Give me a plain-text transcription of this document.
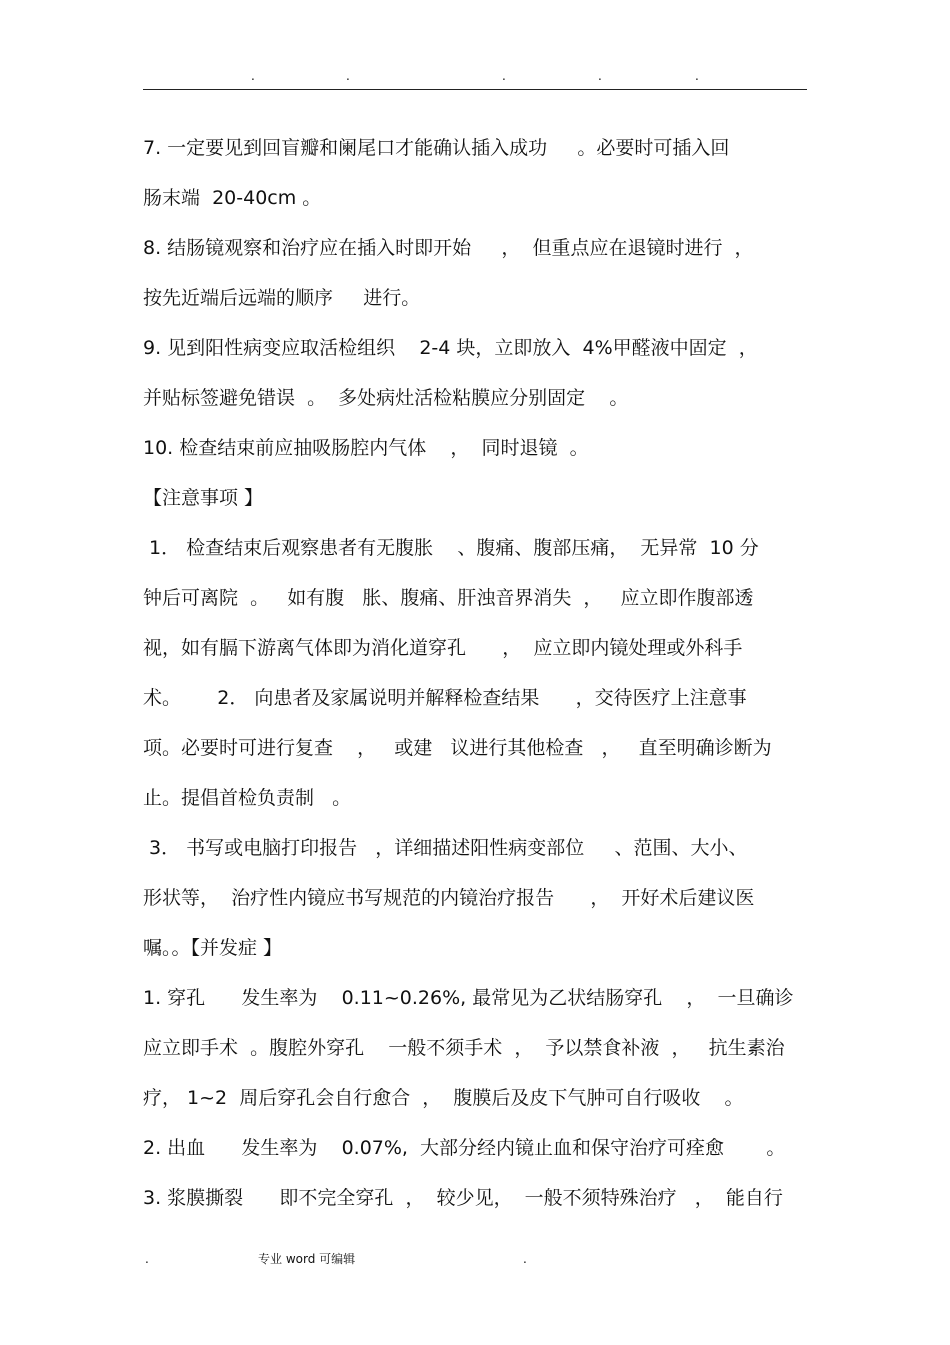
.	.	.	.	.
7. 一定要见到回盲瓣和阑尾口才能确认插入成功     。必要时可插入回
肠末端  20-40cm 。
8. 结肠镜观察和治疗应在插入时即开始     ，  但重点应在退镜时进行  ，
按先近端后远端的顺序     进行。
9. 见到阳性病变应取活检组织    2-4 块，立即放入  4%甲醛液中固定  ，
并贴标签避免错误  。  多处病灶活检粘膜应分别固定    。
10. 检查结束前应抽吸肠腔内气体    ，  同时退镜  。
【注意事项 】
1． 检查结束后观察患者有无腹胀    、腹痛、腹部压痛，  无异常  10 分
钟后可离院  。   如有腹   胀、腹痛、肝浊音界消失  ，   应立即作腹部透
视，如有膈下游离气体即为消化道穿孔      ，  应立即内镜处理或外科手
术。      2． 向患者及家属说明并解释检查结果      ，交待医疗上注意事
项。必要时可进行复查    ，   或建   议进行其他检查   ，   直至明确诊断为
止。提倡首检负责制   。
3． 书写或电脑打印报告   ，详细描述阳性病变部位     、范围、大小、
形状等，  治疗性内镜应书写规范的内镜治疗报告      ，  开好术后建议医
嘱。。【并发症 】
1. 穿孔      发生率为    0.11~0.26%, 最常见为乙状结肠穿孔    ，  一旦确诊
应立即手术  。腹腔外穿孔    一般不须手术  ，  予以禁食补液  ，   抗生素治
疗， 1~2  周后穿孔会自行愈合  ，  腹膜后及皮下气肿可自行吸收    。
2. 出血      发生率为    0.07%,  大部分经内镜止血和保守治疗可痊愈       。
3. 浆膜撕裂      即不完全穿孔  ，  较少见，  一般不须特殊治疗   ，  能自行
.	专业 word 可编辑	.
